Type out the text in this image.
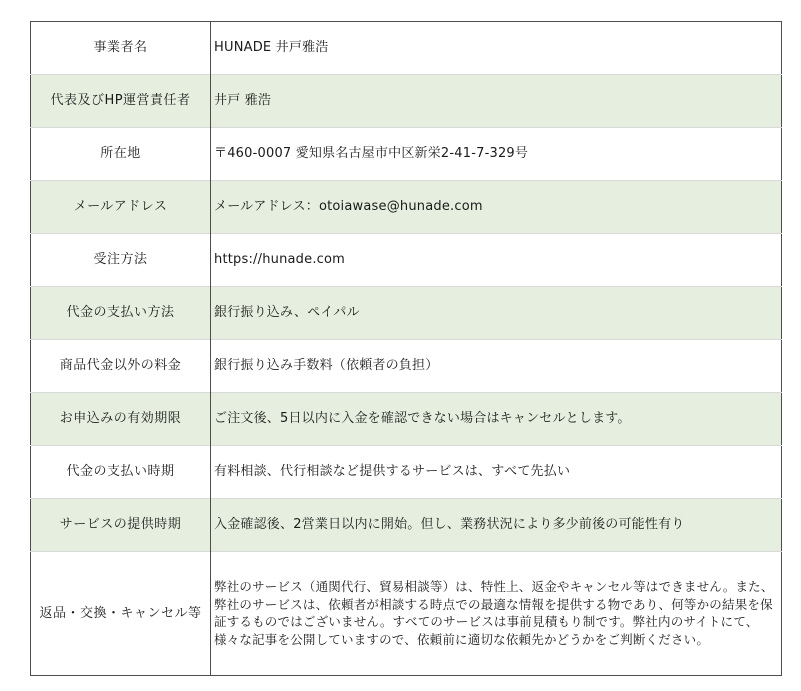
事業者名	HUNADE 井戸雅浩
代表及びHP運営責任者	井戸 雅浩
所在地	〒460-0007 愛知県名古屋市中区新栄2-41-7-329号
メールアドレス	メールアドレス：otoiawase@hunade.com
受注方法	https://hunade.com
代金の支払い方法	銀行振り込み、ペイパル
商品代金以外の料金	銀行振り込み手数料（依頼者の負担）
お申込みの有効期限	ご注文後、5日以内に入金を確認できない場合はキャンセルとします。
代金の支払い時期	有料相談、代行相談など提供するサービスは、すべて先払い
サービスの提供時期	入金確認後、2営業日以内に開始。但し、業務状況により多少前後の可能性有り
返品・交換・キャンセル等	弊社のサービス（通関代行、貿易相談等）は、特性上、返金やキャンセル等はできません。また、弊社のサービスは、依頼者が相談する時点での最適な情報を提供する物であり、何等かの結果を保証するものではございません。すべてのサービスは事前見積もり制です。弊社内のサイトにて、様々な記事を公開していますので、依頼前に適切な依頼先かどうかをご判断ください。
